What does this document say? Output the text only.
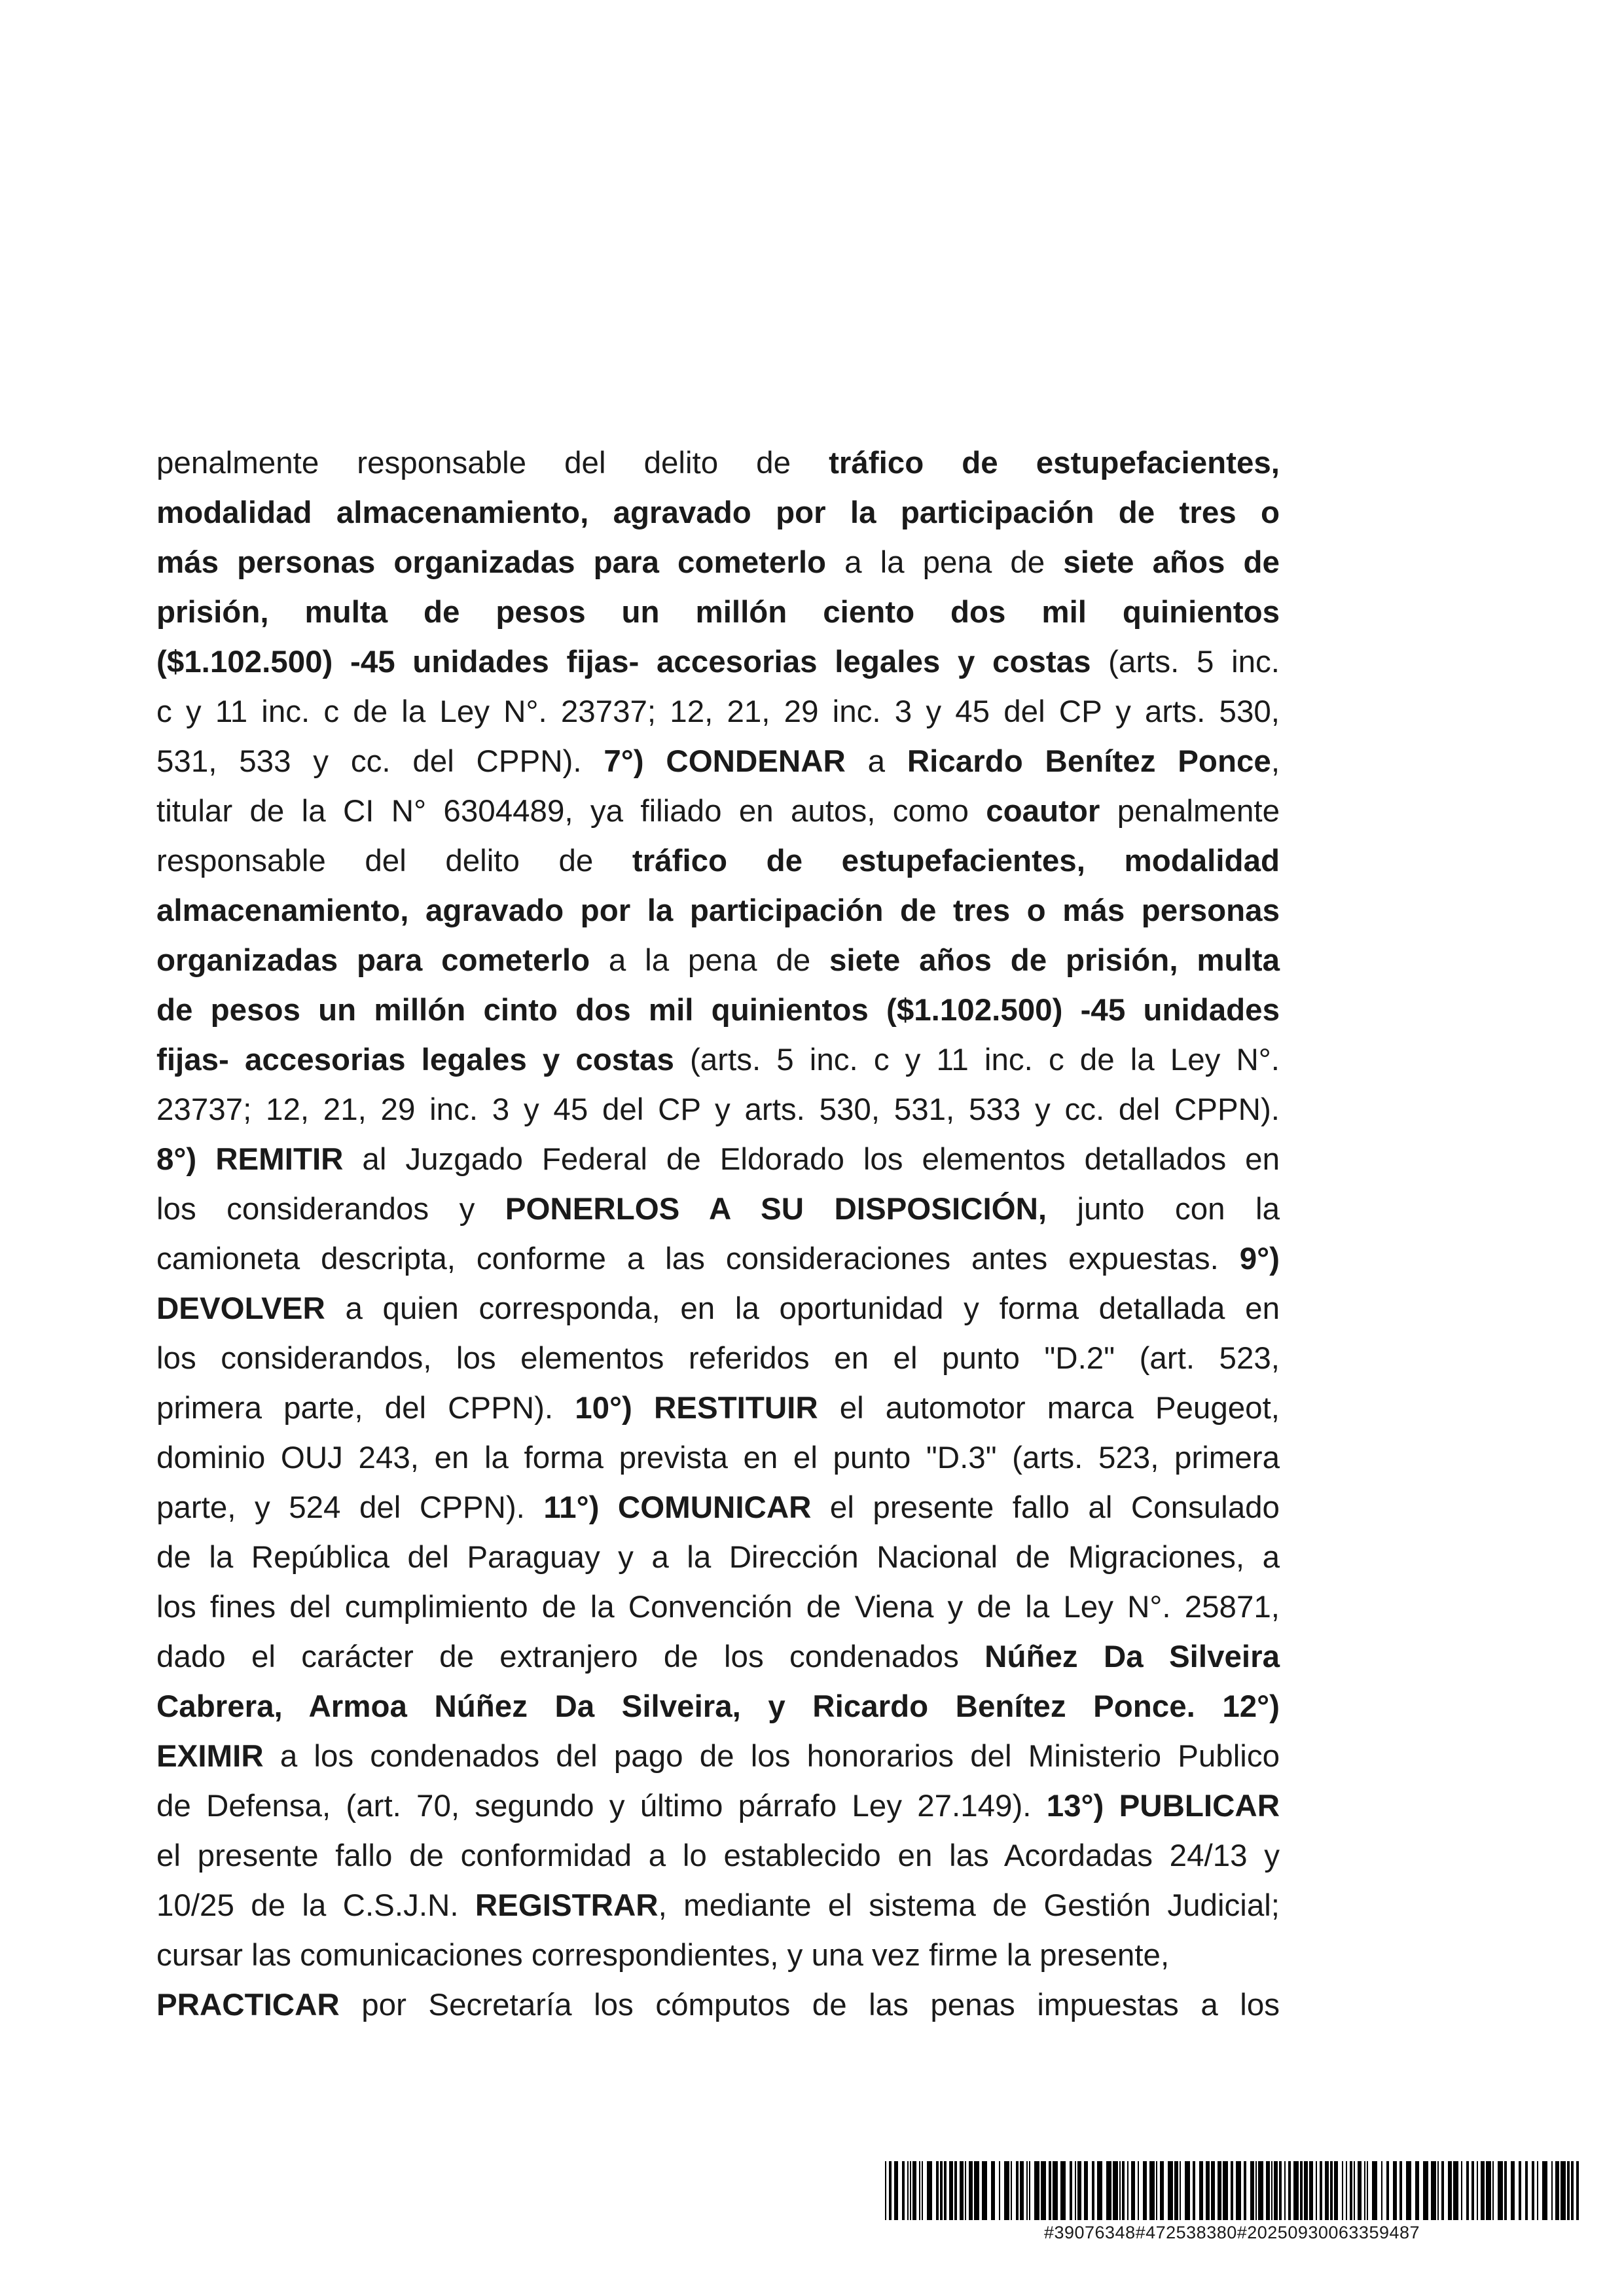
penalmente responsable del delito de tráfico de estupefacientes,
modalidad almacenamiento, agravado por la participación de tres o
más personas organizadas para cometerlo a la pena de siete años de
prisión, multa de pesos un millón ciento dos mil quinientos
($1.102.500) -45 unidades fijas- accesorias legales y costas (arts. 5 inc.
c y 11 inc. c de la Ley N°. 23737; 12, 21, 29 inc. 3 y 45 del CP y arts. 530,
531, 533 y cc. del CPPN). 7°) CONDENAR a Ricardo Benítez Ponce,
titular de la CI N° 6304489, ya filiado en autos, como coautor penalmente
responsable del delito de tráfico de estupefacientes, modalidad
almacenamiento, agravado por la participación de tres o más personas
organizadas para cometerlo a la pena de siete años de prisión, multa
de pesos un millón cinto dos mil quinientos ($1.102.500) -45 unidades
fijas- accesorias legales y costas (arts. 5 inc. c y 11 inc. c de la Ley N°.
23737; 12, 21, 29 inc. 3 y 45 del CP y arts. 530, 531, 533 y cc. del CPPN).
8°) REMITIR al Juzgado Federal de Eldorado los elementos detallados en
los considerandos y PONERLOS A SU DISPOSICIÓN, junto con la
camioneta descripta, conforme a las consideraciones antes expuestas. 9°)
DEVOLVER a quien corresponda, en la oportunidad y forma detallada en
los considerandos, los elementos referidos en el punto "D.2" (art. 523,
primera parte, del CPPN). 10°) RESTITUIR el automotor marca Peugeot,
dominio OUJ 243, en la forma prevista en el punto "D.3" (arts. 523, primera
parte, y 524 del CPPN). 11°) COMUNICAR el presente fallo al Consulado
de la República del Paraguay y a la Dirección Nacional de Migraciones, a
los fines del cumplimiento de la Convención de Viena y de la Ley N°. 25871,
dado el carácter de extranjero de los condenados Núñez Da Silveira
Cabrera, Armoa Núñez Da Silveira, y Ricardo Benítez Ponce. 12°)
EXIMIR a los condenados del pago de los honorarios del Ministerio Publico
de Defensa, (art. 70, segundo y último párrafo Ley 27.149). 13°) PUBLICAR
el presente fallo de conformidad a lo establecido en las Acordadas 24/13 y
10/25 de la C.S.J.N. REGISTRAR, mediante el sistema de Gestión Judicial;
cursar las comunicaciones correspondientes, y una vez firme la presente,
PRACTICAR por Secretaría los cómputos de las penas impuestas a los
#39076348#472538380#20250930063359487
